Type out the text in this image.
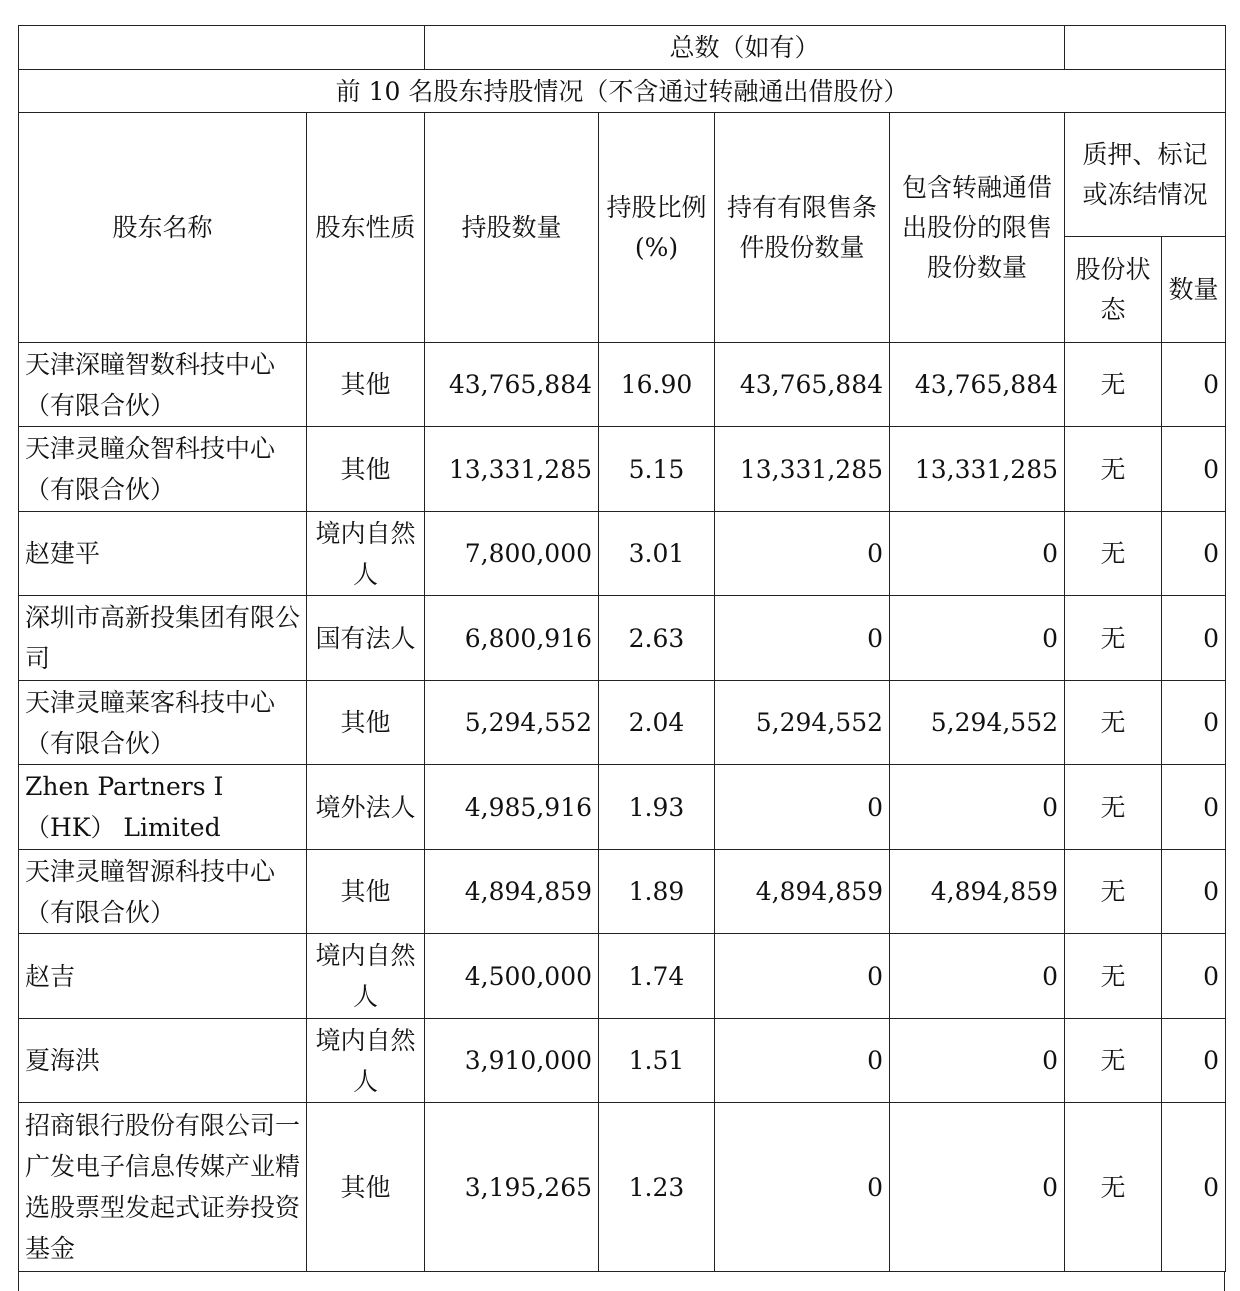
		总数（如有）					
前 10 名股东持股情况（不含通过转融通出借股份）							
股东名称	股东性质	持股数量	持股比例(%)	持有有限售条件股份数量	包含转融通借出股份的限售股份数量	质押、标记或冻结情况	
						股份状态	数量
天津深瞳智数科技中心（有限合伙）	其他	43,765,884	16.90	43,765,884	43,765,884	无	0
天津灵瞳众智科技中心（有限合伙）	其他	13,331,285	5.15	13,331,285	13,331,285	无	0
赵建平	境内自然人	7,800,000	3.01	0	0	无	0
深圳市高新投集团有限公司	国有法人	6,800,916	2.63	0	0	无	0
天津灵瞳莱客科技中心（有限合伙）	其他	5,294,552	2.04	5,294,552	5,294,552	无	0
Zhen Partners I（HK） Limited	境外法人	4,985,916	1.93	0	0	无	0
天津灵瞳智源科技中心（有限合伙）	其他	4,894,859	1.89	4,894,859	4,894,859	无	0
赵吉	境内自然人	4,500,000	1.74	0	0	无	0
夏海洪	境内自然人	3,910,000	1.51	0	0	无	0
招商银行股份有限公司一广发电子信息传媒产业精选股票型发起式证券投资基金	其他	3,195,265	1.23	0	0	无	0
